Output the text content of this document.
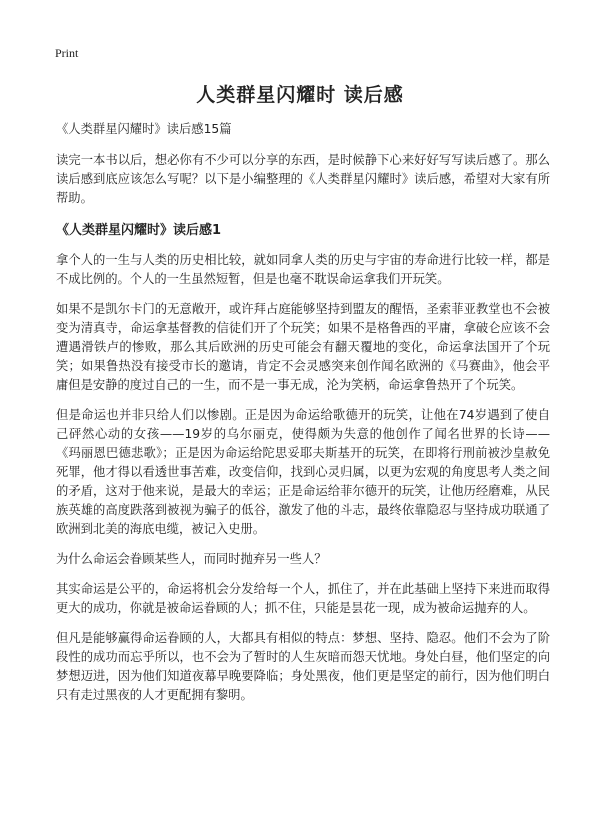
Print
人类群星闪耀时 读后感

《人类群星闪耀时》读后感15篇

读完一本书以后，想必你有不少可以分享的东西，是时候静下心来好好写写读后感了。那么读后感到底应该怎么写呢？以下是小编整理的《人类群星闪耀时》读后感，希望对大家有所帮助。

《人类群星闪耀时》读后感1

拿个人的一生与人类的历史相比较，就如同拿人类的历史与宇宙的寿命进行比较一样，都是不成比例的。个人的一生虽然短暂，但是也毫不耽误命运拿我们开玩笑。

如果不是凯尔卡门的无意敞开，或许拜占庭能够坚持到盟友的醒悟，圣索菲亚教堂也不会被变为清真寺，命运拿基督教的信徒们开了个玩笑；如果不是格鲁西的平庸，拿破仑应该不会遭遇滑铁卢的惨败，那么其后欧洲的历史可能会有翻天覆地的变化，命运拿法国开了个玩笑；如果鲁热没有接受市长的邀请，肯定不会灵感突来创作闻名欧洲的《马赛曲》，他会平庸但是安静的度过自己的一生，而不是一事无成，沦为笑柄，命运拿鲁热开了个玩笑。

但是命运也并非只给人们以惨剧。正是因为命运给歌德开的玩笑，让他在74岁遇到了使自己砰然心动的女孩——19岁的乌尔丽克，使得颇为失意的他创作了闻名世界的长诗——《玛丽恩巴德悲歌》；正是因为命运给陀思妥耶夫斯基开的玩笑，在即将行刑前被沙皇赦免死罪，他才得以看透世事苦难，改变信仰，找到心灵归属，以更为宏观的角度思考人类之间的矛盾，这对于他来说，是最大的幸运；正是命运给菲尔德开的玩笑，让他历经磨难，从民族英雄的高度跌落到被视为骗子的低谷，激发了他的斗志，最终依靠隐忍与坚持成功联通了欧洲到北美的海底电缆，被记入史册。

为什么命运会眷顾某些人，而同时抛弃另一些人？

其实命运是公平的，命运将机会分发给每一个人，抓住了，并在此基础上坚持下来进而取得更大的成功，你就是被命运眷顾的人；抓不住，只能是昙花一现，成为被命运抛弃的人。

但凡是能够赢得命运眷顾的人，大都具有相似的特点：梦想、坚持、隐忍。他们不会为了阶段性的成功而忘乎所以，也不会为了暂时的人生灰暗而怨天忧地。身处白昼，他们坚定的向梦想迈进，因为他们知道夜幕早晚要降临；身处黑夜，他们更是坚定的前行，因为他们明白只有走过黑夜的人才更配拥有黎明。
